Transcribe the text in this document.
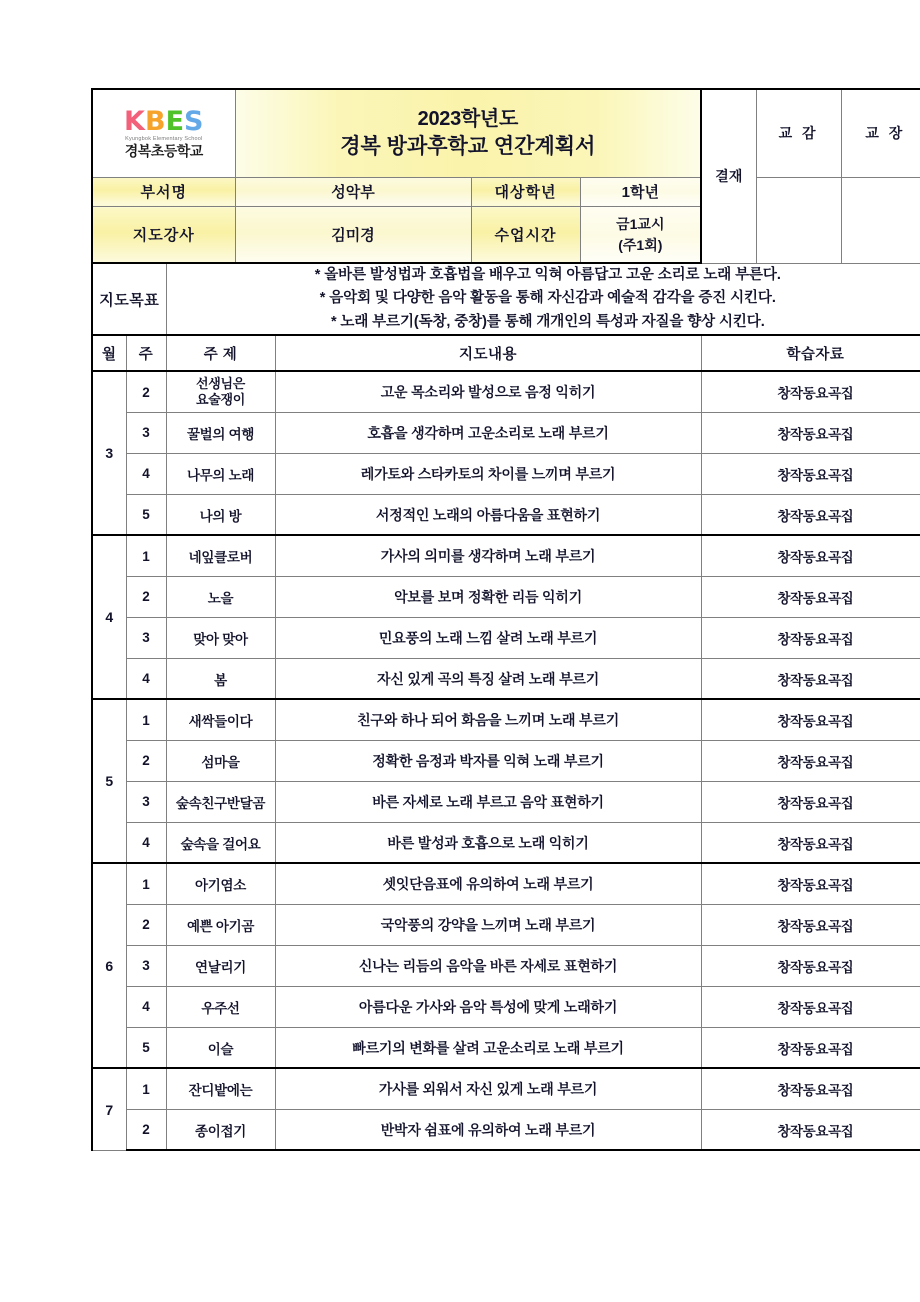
KBES
Kyungbok Elementary School
경복초등학교

2023학년도
경복 방과후학교 연간계획서
	결재	교 감	교 장
부서명			성악부		대상학년	1학년			
지도강사			김미경		수업시간	금1교시
(주1회)			

지도목표		* 올바른 발성법과 호흡법을 배우고 익혀 아름답고 고운 소리로 노래 부른다.
* 음악회 및 다양한 음악 활동을 통해 자신감과 예술적 감각을 증진 시킨다.
* 노래 부르기(독창, 중창)를 통해 개개인의 특성과 자질을 향상 시킨다.							

월	주	주 제		지도내용			학습자료		
3	2	선생님은
요술쟁이		고운 목소리와 발성으로 음정 익히기			창작동요곡집		
	3	꿀벌의 여행		호흡을 생각하며 고운소리로 노래 부르기			창작동요곡집		
	4	나무의 노래		레가토와 스타카토의 차이를 느끼며 부르기			창작동요곡집		
	5	나의 방		서정적인 노래의 아름다움을 표현하기			창작동요곡집		
4	1	네잎클로버		가사의 의미를 생각하며 노래 부르기			창작동요곡집		
	2	노을		악보를 보며 정확한 리듬 익히기			창작동요곡집		
	3	맞아 맞아		민요풍의 노래 느낌 살려 노래 부르기			창작동요곡집		
	4	봄		자신 있게 곡의 특징 살려 노래 부르기			창작동요곡집		
5	1	새싹들이다		친구와 하나 되어 화음을 느끼며 노래 부르기			창작동요곡집		
	2	섬마을		정확한 음정과 박자를 익혀 노래 부르기			창작동요곡집		
	3	숲속친구반달곰		바른 자세로 노래 부르고 음악 표현하기			창작동요곡집		
	4	숲속을 걸어요		바른 발성과 호흡으로 노래 익히기			창작동요곡집		
6	1	아기염소		셋잇단음표에 유의하여 노래 부르기			창작동요곡집		
	2	예쁜 아기곰		국악풍의 강약을 느끼며 노래 부르기			창작동요곡집		
	3	연날리기		신나는 리듬의 음악을 바른 자세로 표현하기			창작동요곡집		
	4	우주선		아름다운 가사와 음악 특성에 맞게 노래하기			창작동요곡집		
	5	이슬		빠르기의 변화를 살려 고운소리로 노래 부르기			창작동요곡집		
7	1	잔디밭에는		가사를 외워서 자신 있게 노래 부르기			창작동요곡집		
	2	종이접기		반박자 쉼표에 유의하여 노래 부르기			창작동요곡집		
